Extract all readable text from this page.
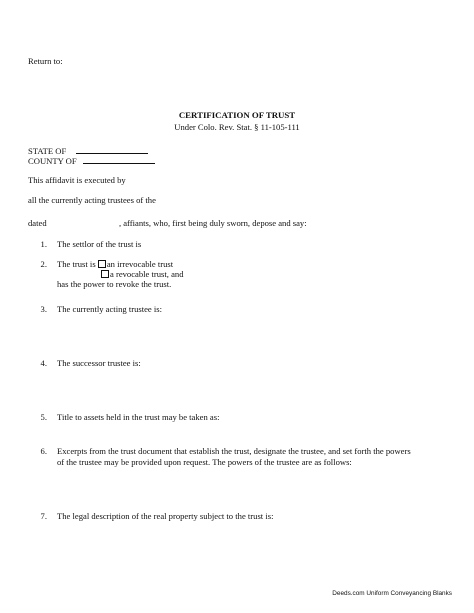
Return to:
CERTIFICATION OF TRUST
Under Colo. Rev. Stat. § 11-105-111
STATE OF
COUNTY OF
This affidavit is executed by
all the currently acting trustees of the
dated	, affiants, who, first being duly sworn, depose and say:
1. The settlor of the trust is
2. The trust is an irrevocable trust
a revocable trust, and
has the power to revoke the trust.
3. The currently acting trustee is:
4. The successor trustee is:
5. Title to assets held in the trust may be taken as:
6. Excerpts from the trust document that establish the trust, designate the trustee, and set forth the powers
of the trustee may be provided upon request. The powers of the trustee are as follows:
7. The legal description of the real property subject to the trust is:
Deeds.com Uniform Conveyancing Blanks
